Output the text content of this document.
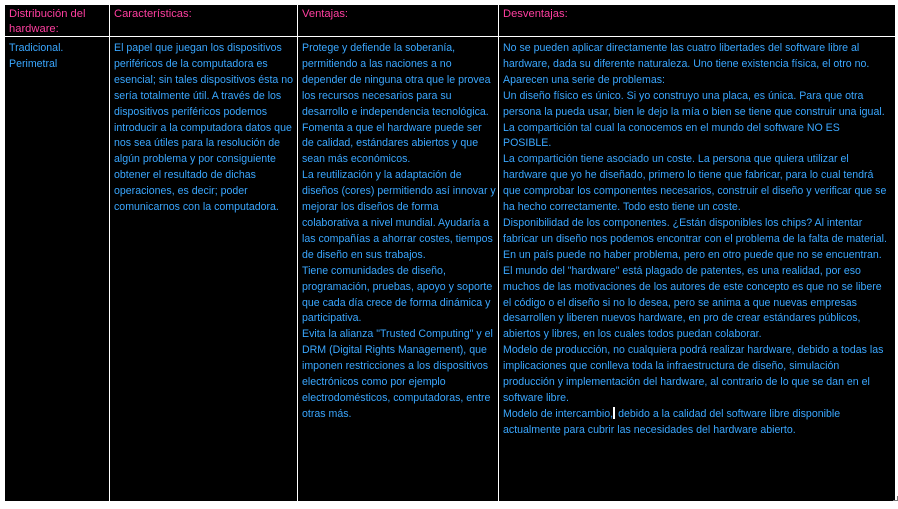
Distribución del hardware:
Características:	Ventajas:	Desventajas:
Tradicional. Perimetral
El papel que juegan los dispositivos periféricos de la computadora es esencial; sin tales dispositivos ésta no sería totalmente útil. A través de los dispositivos periféricos podemos introducir a la computadora datos que nos sea útiles para la resolución de algún problema y por consiguiente obtener el resultado de dichas operaciones, es decir; poder comunicarnos con la computadora.

Protege y defiende la soberanía, permitiendo a las naciones a no depender de ninguna otra que le provea los recursos necesarios para su desarrollo e independencia tecnológica.

Fomenta a que el hardware puede ser de calidad, estándares abiertos y que sean más económicos.

La reutilización y la adaptación de diseños (cores) permitiendo así innovar y mejorar los diseños de forma colaborativa a nivel mundial. Ayudaría a las compañías a ahorrar costes, tiempos de diseño en sus trabajos.

Tiene comunidades de diseño, programación, pruebas, apoyo y soporte que cada día crece de forma dinámica y participativa.

Evita la alianza "Trusted Computing" y el DRM (Digital Rights Management), que imponen restricciones a los dispositivos electrónicos como por ejemplo electrodomésticos, computadoras, entre otras más.

No se pueden aplicar directamente las cuatro libertades del software libre al hardware, dada su diferente naturaleza. Uno tiene existencia física, el otro no. Aparecen una serie de problemas:

Un diseño físico es único. Si yo construyo una placa, es única. Para que otra persona la pueda usar, bien le dejo la mía o bien se tiene que construir una igual. La compartición tal cual la conocemos en el mundo del software NO ES POSIBLE.

La compartición tiene asociado un coste. La persona que quiera utilizar el hardware que yo he diseñado, primero lo tiene que fabricar, para lo cual tendrá que comprobar los componentes necesarios, construir el diseño y verificar que se ha hecho correctamente. Todo esto tiene un coste.

Disponibilidad de los componentes. ¿Están disponibles los chips? Al intentar fabricar un diseño nos podemos encontrar con el problema de la falta de material. En un país puede no haber problema, pero en otro puede que no se encuentran.

El mundo del "hardware" está plagado de patentes, es una realidad, por eso muchos de las motivaciones de los autores de este concepto es que no se libere el código o el diseño si no lo desea, pero se anima a que nuevas empresas desarrollen y liberen nuevos hardware, en pro de crear estándares públicos, abiertos y libres, en los cuales todos puedan colaborar.

Modelo de producción, no cualquiera podrá realizar hardware, debido a todas las implicaciones que conlleva toda la infraestructura de diseño, simulación producción y implementación del hardware, al contrario de lo que se dan en el software libre.

Modelo de intercambio, debido a la calidad del software libre disponible actualmente para cubrir las necesidades del hardware abierto.
